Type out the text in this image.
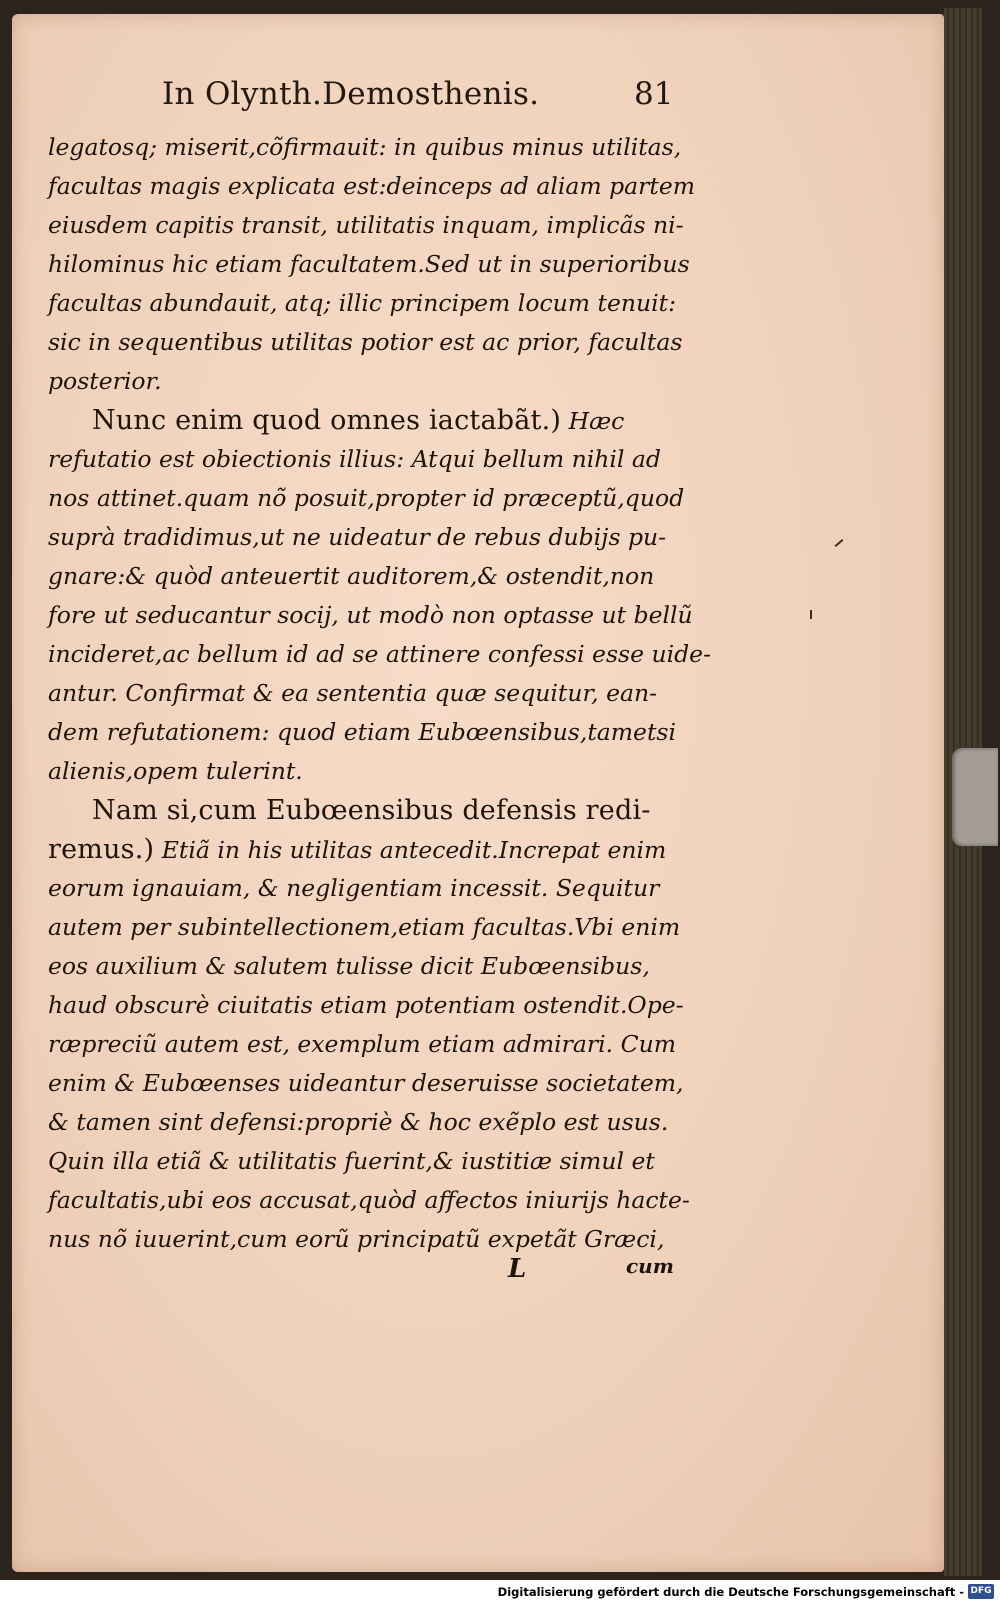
In Olynth.Demosthenis.	81
legatosq; miserit,cõfirmauit: in quibus minus utilitas,
facultas magis explicata est:deinceps ad aliam partem
eiusdem capitis transit, utilitatis inquam, implicãs ni-
hilominus hic etiam facultatem.Sed ut in superioribus
facultas abundauit, atq; illic principem locum tenuit:
sic in sequentibus utilitas potior est ac prior, facultas
posterior.
Nunc enim quod omnes iactabãt.) Hæc
refutatio est obiectionis illius: Atqui bellum nihil ad
nos attinet.quam nõ posuit,propter id præceptũ,quod
suprà tradidimus,ut ne uideatur de rebus dubijs pu-
gnare:& quòd anteuertit auditorem,& ostendit,non
fore ut seducantur socij, ut modò non optasse ut bellũ
incideret,ac bellum id ad se attinere confessi esse uide-
antur. Confirmat & ea sententia quæ sequitur, ean-
dem refutationem: quod etiam Eubœensibus,tametsi
alienis,opem tulerint.
Nam si,cum Eubœensibus defensis redi-
remus.) Etiã in his utilitas antecedit.Increpat enim
eorum ignauiam, & negligentiam incessit. Sequitur
autem per subintellectionem,etiam facultas.Vbi enim
eos auxilium & salutem tulisse dicit Eubœensibus,
haud obscurè ciuitatis etiam potentiam ostendit.Ope-
ræpreciũ autem est, exemplum etiam admirari. Cum
enim & Eubœenses uideantur deseruisse societatem,
& tamen sint defensi:propriè & hoc exẽplo est usus.
Quin illa etiã & utilitatis fuerint,& iustitiæ simul et
facultatis,ubi eos accusat,quòd affectos iniurijs hacte-
nus nõ iuuerint,cum eorũ principatũ expetãt Græci,
L	cum
Digitalisierung gefördert durch die Deutsche Forschungsgemeinschaft - DFG
